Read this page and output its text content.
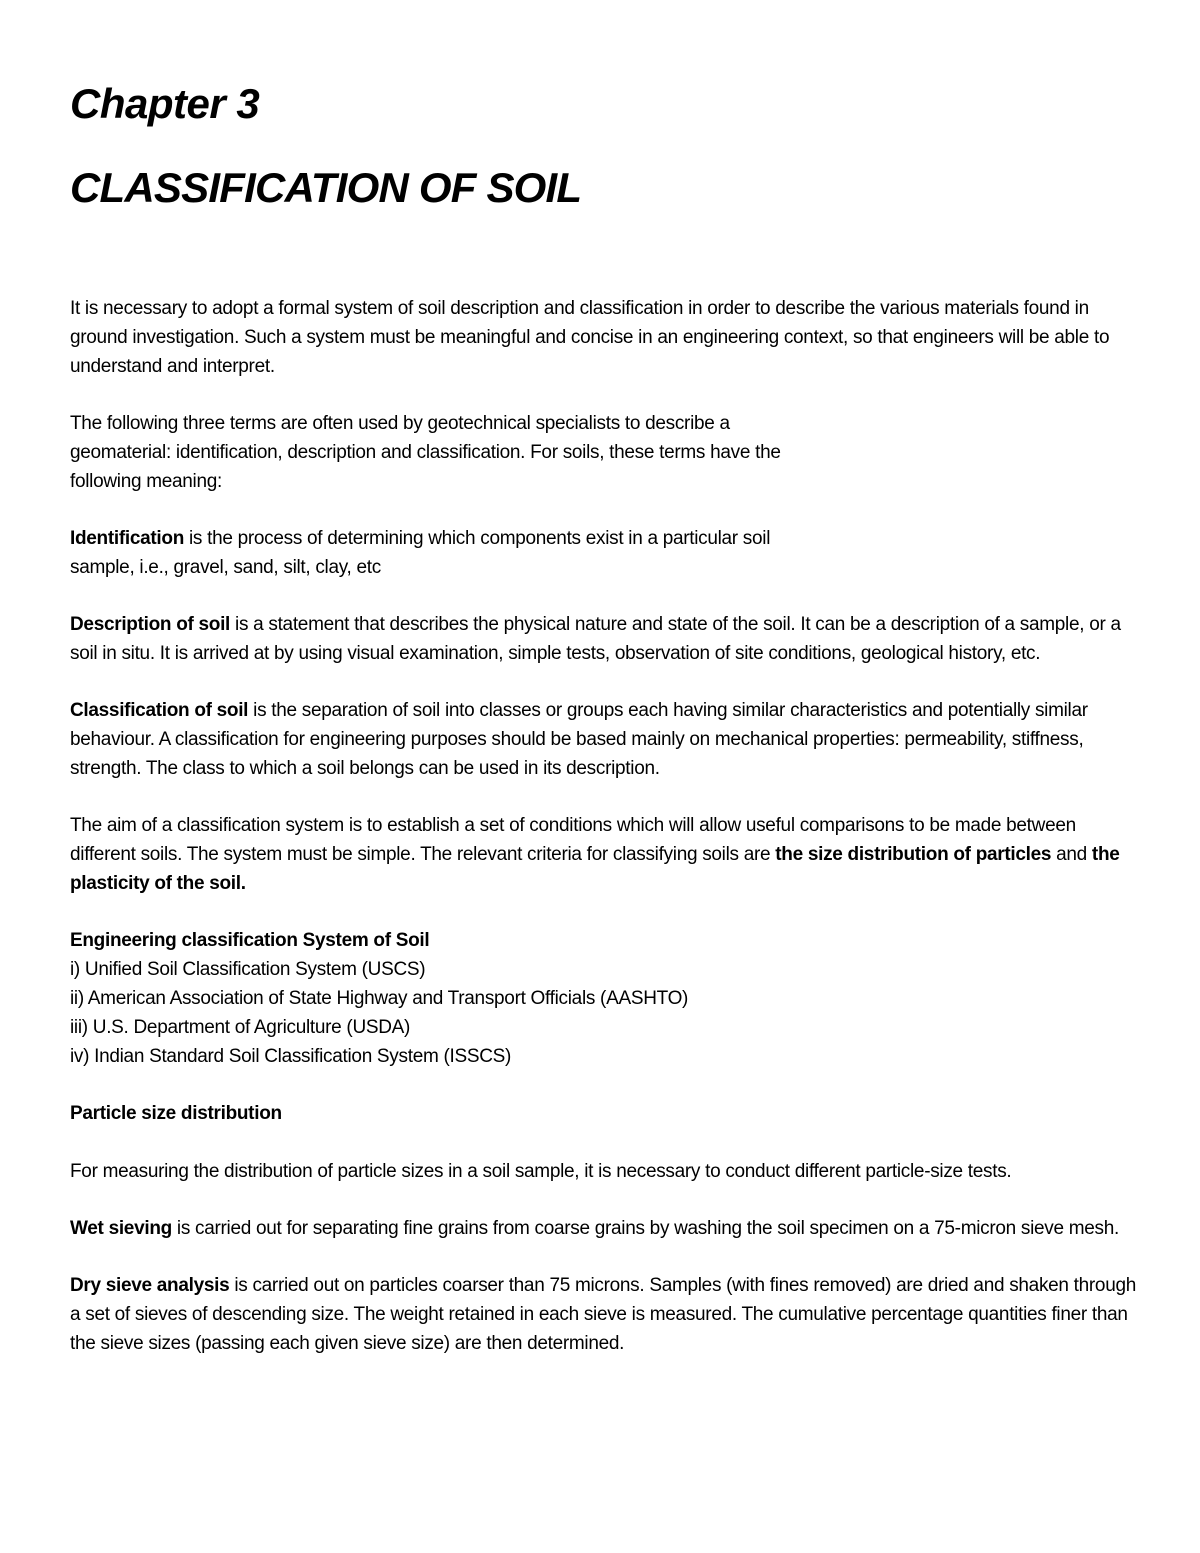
Chapter 3
CLASSIFICATION OF SOIL

It is necessary to adopt a formal system of soil description and classification in order to describe the various materials found in ground investigation. Such a system must be meaningful and concise in an engineering context, so that engineers will be able to understand and interpret.

The following three terms are often used by geotechnical specialists to describe a
geomaterial: identification, description and classification. For soils, these terms have the
following meaning:

Identification is the process of determining which components exist in a particular soil
sample, i.e., gravel, sand, silt, clay, etc

Description of soil is a statement that describes the physical nature and state of the soil. It can be a description of a sample, or a soil in situ. It is arrived at by using visual examination, simple tests, observation of site conditions, geological history, etc.

Classification of soil is the separation of soil into classes or groups each having similar characteristics and potentially similar behaviour. A classification for engineering purposes should be based mainly on mechanical properties: permeability, stiffness, strength. The class to which a soil belongs can be used in its description.

The aim of a classification system is to establish a set of conditions which will allow useful comparisons to be made between different soils. The system must be simple. The relevant criteria for classifying soils are the size distribution of particles and the plasticity of the soil.

Engineering classification System of Soil
i) Unified Soil Classification System (USCS)
ii) American Association of State Highway and Transport Officials (AASHTO)
iii) U.S. Department of Agriculture (USDA)
iv) Indian Standard Soil Classification System (ISSCS)

Particle size distribution

For measuring the distribution of particle sizes in a soil sample, it is necessary to conduct different particle-size tests.

Wet sieving is carried out for separating fine grains from coarse grains by washing the soil specimen on a 75-micron sieve mesh.

Dry sieve analysis is carried out on particles coarser than 75 microns. Samples (with fines removed) are dried and shaken through a set of sieves of descending size. The weight retained in each sieve is measured. The cumulative percentage quantities finer than the sieve sizes (passing each given sieve size) are then determined.
